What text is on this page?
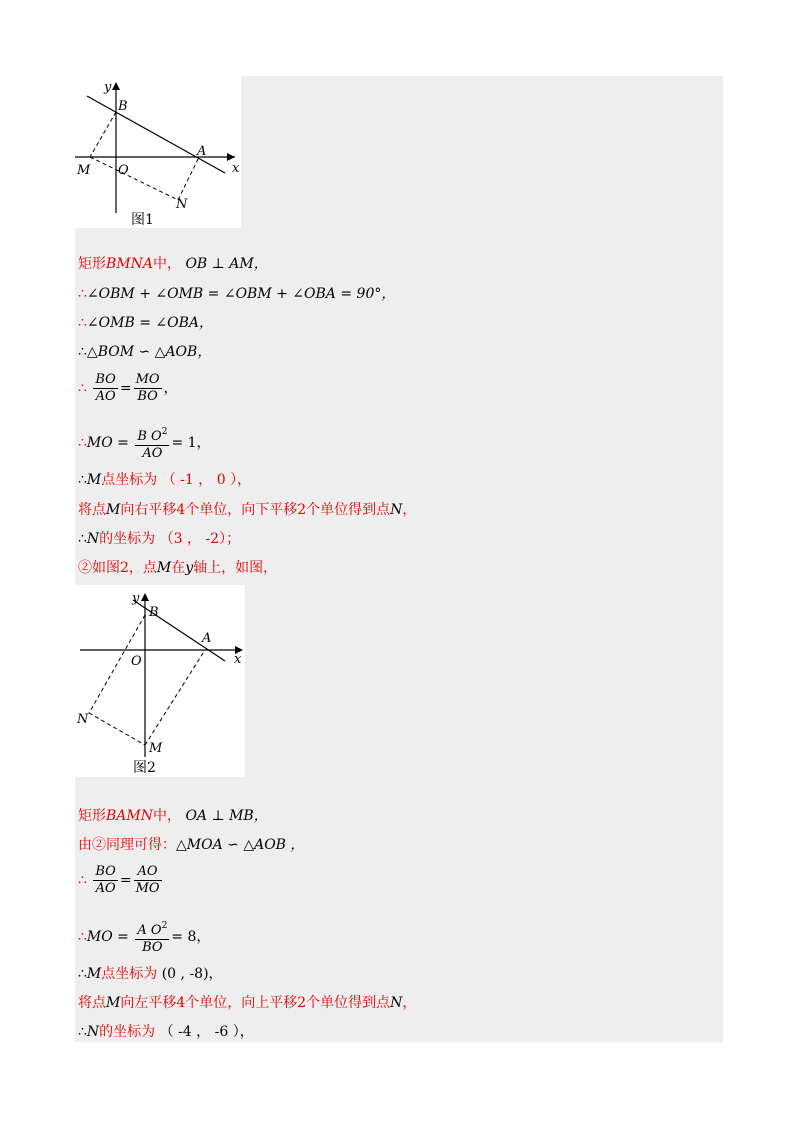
y
x
B
A
M O
N
图1
矩形BMNA中， OB ⊥ AM，
∴∠OBM + ∠OMB = ∠OBM + ∠OBA = 90°，
∴∠OMB = ∠OBA，
∴△BOM ∽ △AOB，
∴ $\frac{BO}{AO} = \frac{MO}{BO}$ ，
∴MO = $\frac{B O^2}{AO} = 1$，
∴M点坐标为 （ -1 ， 0 ），
将点M向右平移4个单位，向下平移2个单位得到点N，
∴N的坐标为 （3 ， -2）；
②如图2，点M在y轴上，如图，
y
x
B
A
O
N
M
图2
矩形BAMN中， OA ⊥ MB，
由②同理可得：△MOA ∽ △AOB ，
∴ $\frac{BO}{AO} = \frac{AO}{MO}$
∴MO = $\frac{A O^2}{BO} = 8$，
∴M点坐标为 (0 , -8)，
将点M向左平移4个单位，向上平移2个单位得到点N，
∴N的坐标为 （ -4 ， -6 ），
